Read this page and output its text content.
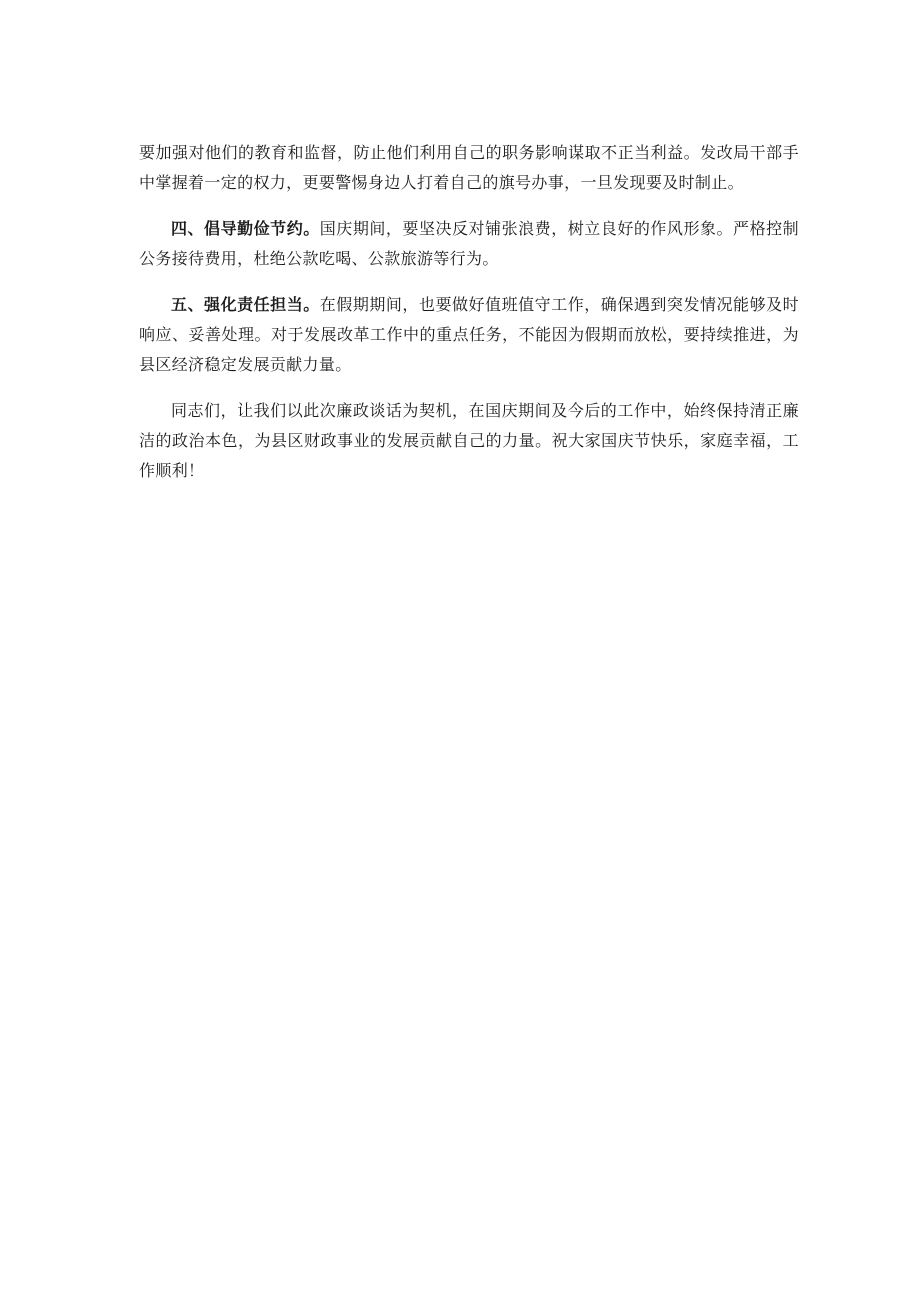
要加强对他们的教育和监督，防止他们利用自己的职务影响谋取不正当利益。发改局干部手中掌握着一定的权力，更要警惕身边人打着自己的旗号办事，一旦发现要及时制止。

四、倡导勤俭节约。国庆期间，要坚决反对铺张浪费，树立良好的作风形象。严格控制公务接待费用，杜绝公款吃喝、公款旅游等行为。

五、强化责任担当。在假期期间，也要做好值班值守工作，确保遇到突发情况能够及时响应、妥善处理。对于发展改革工作中的重点任务，不能因为假期而放松，要持续推进，为县区经济稳定发展贡献力量。

同志们，让我们以此次廉政谈话为契机，在国庆期间及今后的工作中，始终保持清正廉洁的政治本色，为县区财政事业的发展贡献自己的力量。祝大家国庆节快乐，家庭幸福，工作顺利！
